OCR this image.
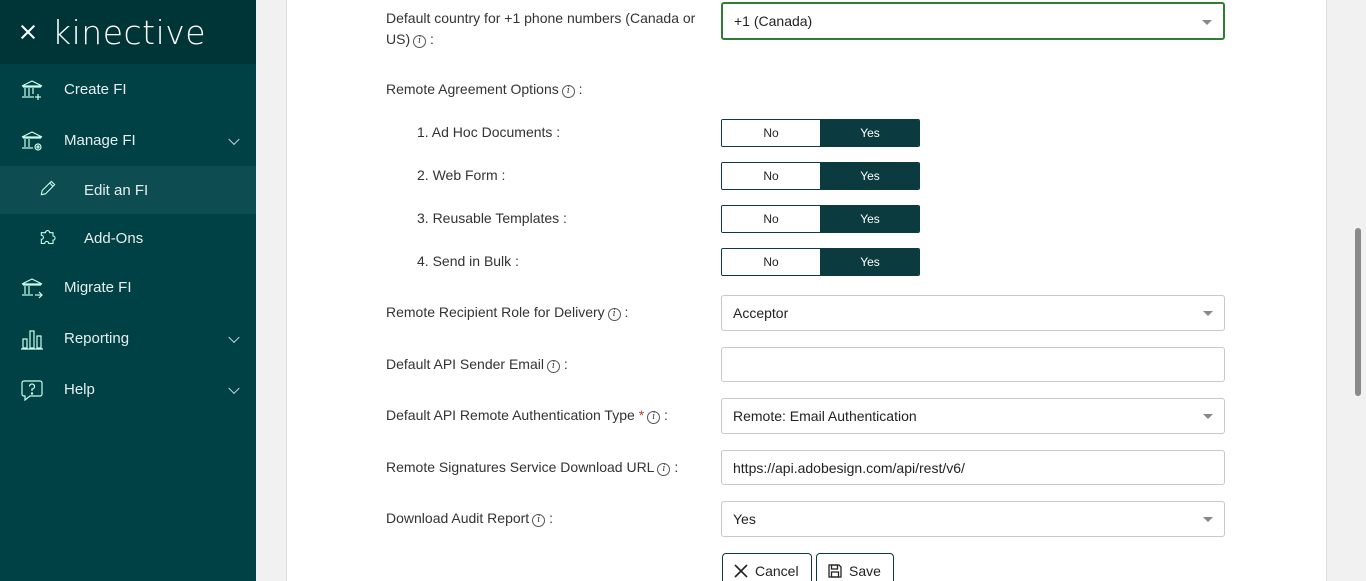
kinective
Create FI
Manage FI
Edit an FI
Add-Ons
Migrate FI
Reporting
Help
Default country for +1 phone numbers (Canada or
US) i :
+1 (Canada)
Remote Agreement Options i :
1. Ad Hoc Documents :	No	Yes
2. Web Form :	No	Yes
3. Reusable Templates :	No	Yes
4. Send in Bulk :	No	Yes
Remote Recipient Role for Delivery i :	Acceptor
Default API Sender Email i :
Default API Remote Authentication Type * i :	Remote: Email Authentication
Remote Signatures Service Download URL i :	https://api.adobesign.com/api/rest/v6/
Download Audit Report i :	Yes
Cancel	Save
